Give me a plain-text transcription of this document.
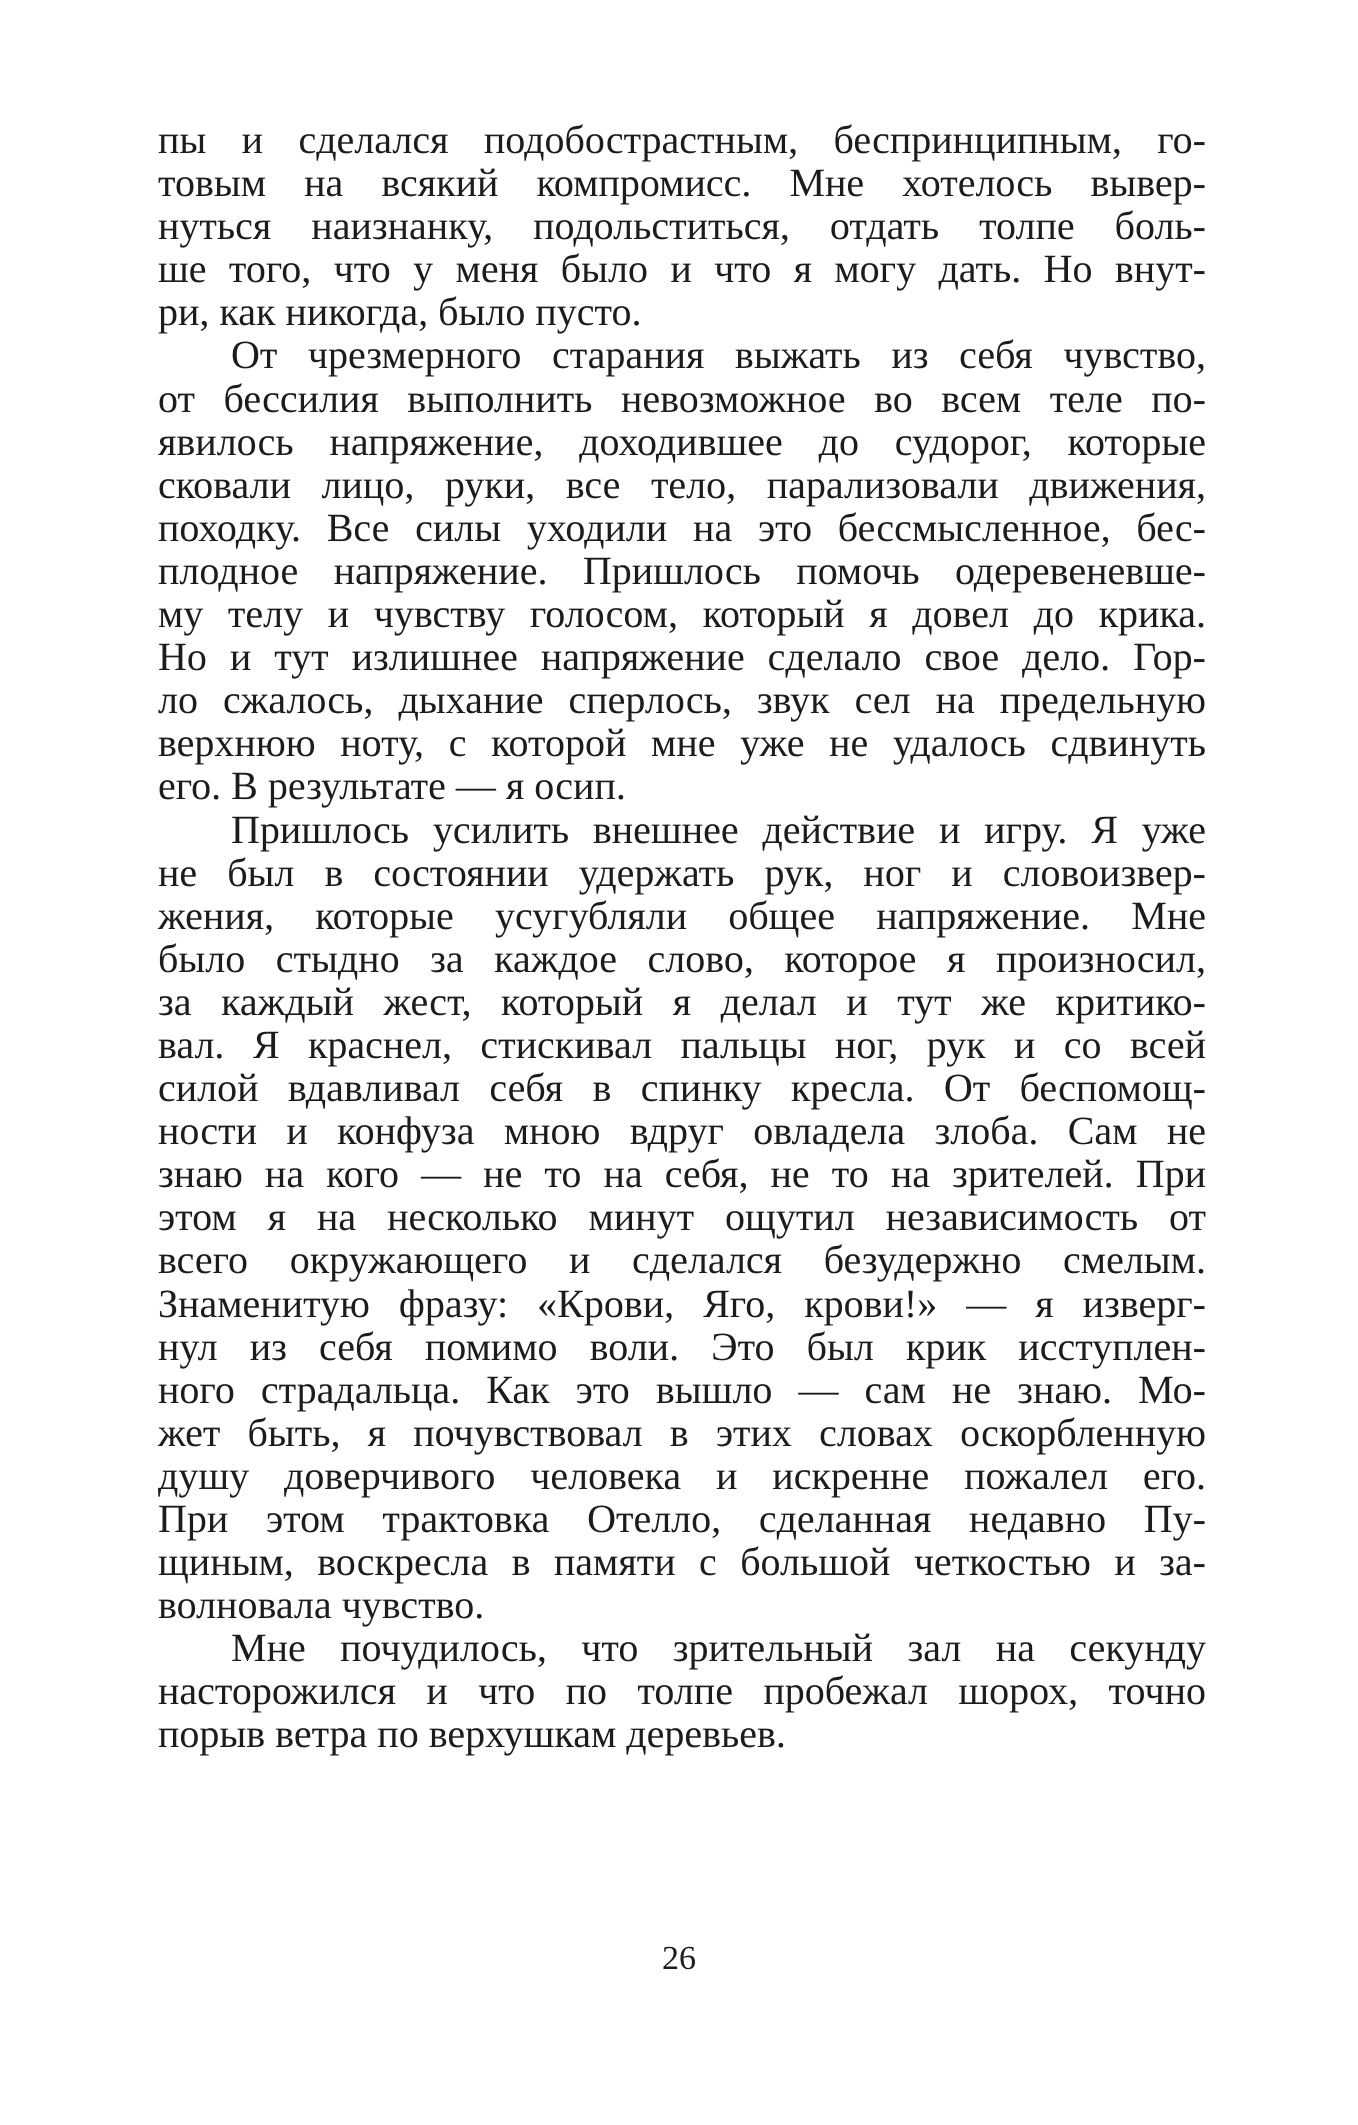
пы и сделался подобострастным, беспринципным, го-
товым на всякий компромисс. Мне хотелось вывер-
нуться наизнанку, подольститься, отдать толпе боль-
ше того, что у меня было и что я могу дать. Но внут-
ри, как никогда, было пусто.
От чрезмерного старания выжать из себя чувство,
от бессилия выполнить невозможное во всем теле по-
явилось напряжение, доходившее до судорог, которые
сковали лицо, руки, все тело, парализовали движения,
походку. Все силы уходили на это бессмысленное, бес-
плодное напряжение. Пришлось помочь одеревеневше-
му телу и чувству голосом, который я довел до крика.
Но и тут излишнее напряжение сделало свое дело. Гор-
ло сжалось, дыхание сперлось, звук сел на предельную
верхнюю ноту, с которой мне уже не удалось сдвинуть
его. В результате — я осип.
Пришлось усилить внешнее действие и игру. Я уже
не был в состоянии удержать рук, ног и словоизвер-
жения, которые усугубляли общее напряжение. Мне
было стыдно за каждое слово, которое я произносил,
за каждый жест, который я делал и тут же критико-
вал. Я краснел, стискивал пальцы ног, рук и со всей
силой вдавливал себя в спинку кресла. От беспомощ-
ности и конфуза мною вдруг овладела злоба. Сам не
знаю на кого — не то на себя, не то на зрителей. При
этом я на несколько минут ощутил независимость от
всего окружающего и сделался безудержно смелым.
Знаменитую фразу: «Крови, Яго, крови!» — я изверг-
нул из себя помимо воли. Это был крик исступлен-
ного страдальца. Как это вышло — сам не знаю. Мо-
жет быть, я почувствовал в этих словах оскорбленную
душу доверчивого человека и искренне пожалел его.
При этом трактовка Отелло, сделанная недавно Пу-
щиным, воскресла в памяти с большой четкостью и за-
волновала чувство.
Мне почудилось, что зрительный зал на секунду
насторожился и что по толпе пробежал шорох, точно
порыв ветра по верхушкам деревьев.
26
